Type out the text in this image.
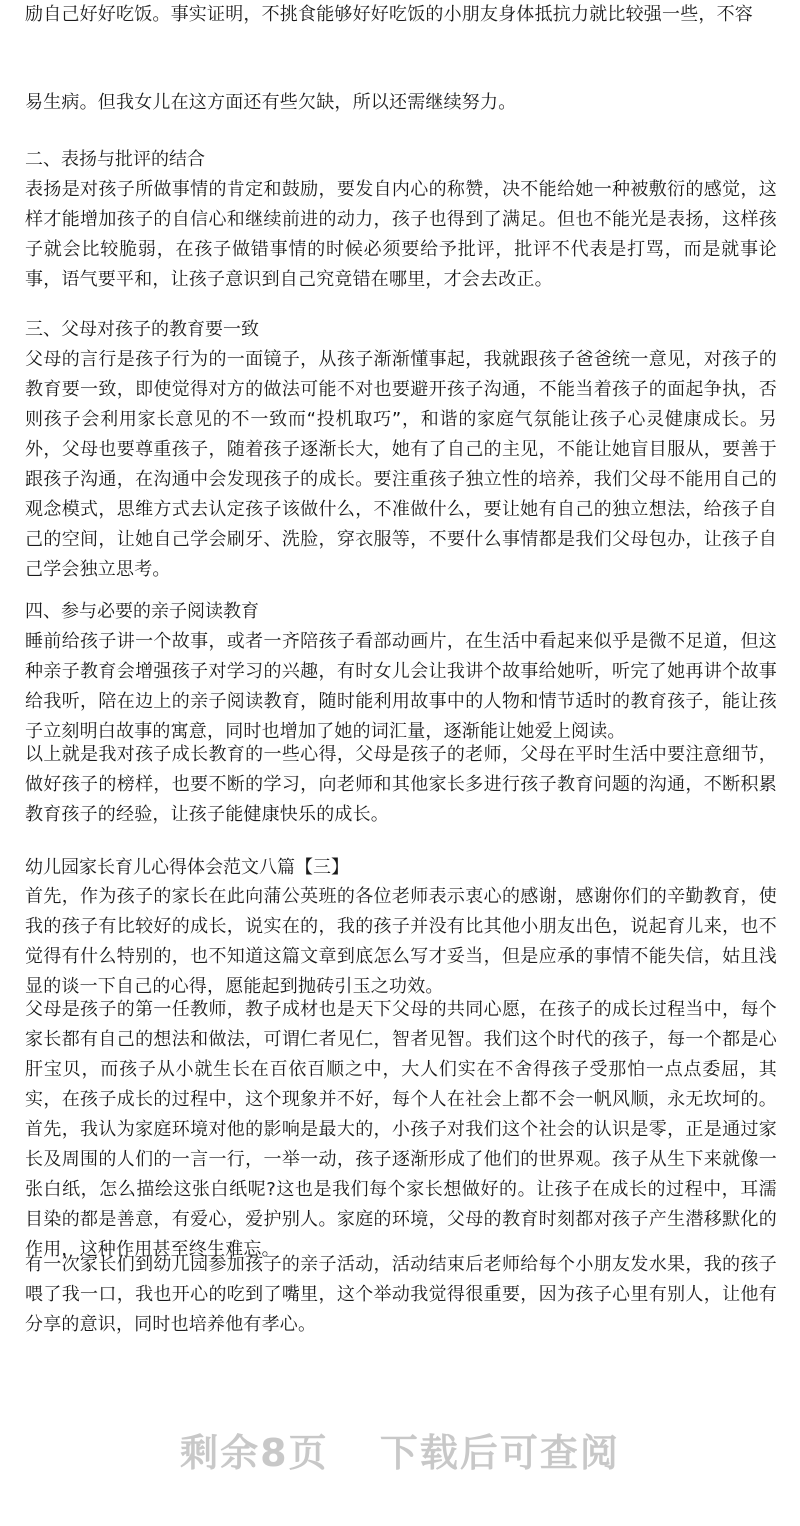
励自己好好吃饭。事实证明，不挑食能够好好吃饭的小朋友身体抵抗力就比较强一些，不容
易生病。但我女儿在这方面还有些欠缺，所以还需继续努力。
二、表扬与批评的结合
表扬是对孩子所做事情的肯定和鼓励，要发自内心的称赞，决不能给她一种被敷衍的感觉，这样才能增加孩子的自信心和继续前进的动力，孩子也得到了满足。但也不能光是表扬，这样孩子就会比较脆弱，在孩子做错事情的时候必须要给予批评，批评不代表是打骂，而是就事论事，语气要平和，让孩子意识到自己究竟错在哪里，才会去改正。
三、父母对孩子的教育要一致
父母的言行是孩子行为的一面镜子，从孩子渐渐懂事起，我就跟孩子爸爸统一意见，对孩子的教育要一致，即使觉得对方的做法可能不对也要避开孩子沟通，不能当着孩子的面起争执，否则孩子会利用家长意见的不一致而“投机取巧”，和谐的家庭气氛能让孩子心灵健康成长。另外，父母也要尊重孩子，随着孩子逐渐长大，她有了自己的主见，不能让她盲目服从，要善于跟孩子沟通，在沟通中会发现孩子的成长。要注重孩子独立性的培养，我们父母不能用自己的观念模式，思维方式去认定孩子该做什么，不准做什么，要让她有自己的独立想法，给孩子自己的空间，让她自己学会刷牙、洗脸，穿衣服等，不要什么事情都是我们父母包办，让孩子自己学会独立思考。
四、参与必要的亲子阅读教育
睡前给孩子讲一个故事，或者一齐陪孩子看部动画片，在生活中看起来似乎是微不足道，但这种亲子教育会增强孩子对学习的兴趣，有时女儿会让我讲个故事给她听，听完了她再讲个故事给我听，陪在边上的亲子阅读教育，随时能利用故事中的人物和情节适时的教育孩子，能让孩子立刻明白故事的寓意，同时也增加了她的词汇量，逐渐能让她爱上阅读。
以上就是我对孩子成长教育的一些心得，父母是孩子的老师，父母在平时生活中要注意细节，做好孩子的榜样，也要不断的学习，向老师和其他家长多进行孩子教育问题的沟通，不断积累教育孩子的经验，让孩子能健康快乐的成长。
幼儿园家长育儿心得体会范文八篇【三】
首先，作为孩子的家长在此向蒲公英班的各位老师表示衷心的感谢，感谢你们的辛勤教育，使我的孩子有比较好的成长，说实在的，我的孩子并没有比其他小朋友出色，说起育儿来，也不觉得有什么特别的，也不知道这篇文章到底怎么写才妥当，但是应承的事情不能失信，姑且浅显的谈一下自己的心得，愿能起到抛砖引玉之功效。
父母是孩子的第一任教师，教子成材也是天下父母的共同心愿，在孩子的成长过程当中，每个家长都有自己的想法和做法，可谓仁者见仁，智者见智。我们这个时代的孩子，每一个都是心肝宝贝，而孩子从小就生长在百依百顺之中，大人们实在不舍得孩子受那怕一点点委屈，其实，在孩子成长的过程中，这个现象并不好，每个人在社会上都不会一帆风顺，永无坎坷的。首先，我认为家庭环境对他的影响是最大的，小孩子对我们这个社会的认识是零，正是通过家长及周围的人们的一言一行，一举一动，孩子逐渐形成了他们的世界观。孩子从生下来就像一张白纸，怎么描绘这张白纸呢?这也是我们每个家长想做好的。让孩子在成长的过程中，耳濡目染的都是善意，有爱心，爱护别人。家庭的环境，父母的教育时刻都对孩子产生潜移默化的作用，这种作用甚至终生难忘。
有一次家长们到幼儿园参加孩子的亲子活动，活动结束后老师给每个小朋友发水果，我的孩子喂了我一口，我也开心的吃到了嘴里，这个举动我觉得很重要，因为孩子心里有别人，让他有分享的意识，同时也培养他有孝心。
剩余8页 下载后可查阅
